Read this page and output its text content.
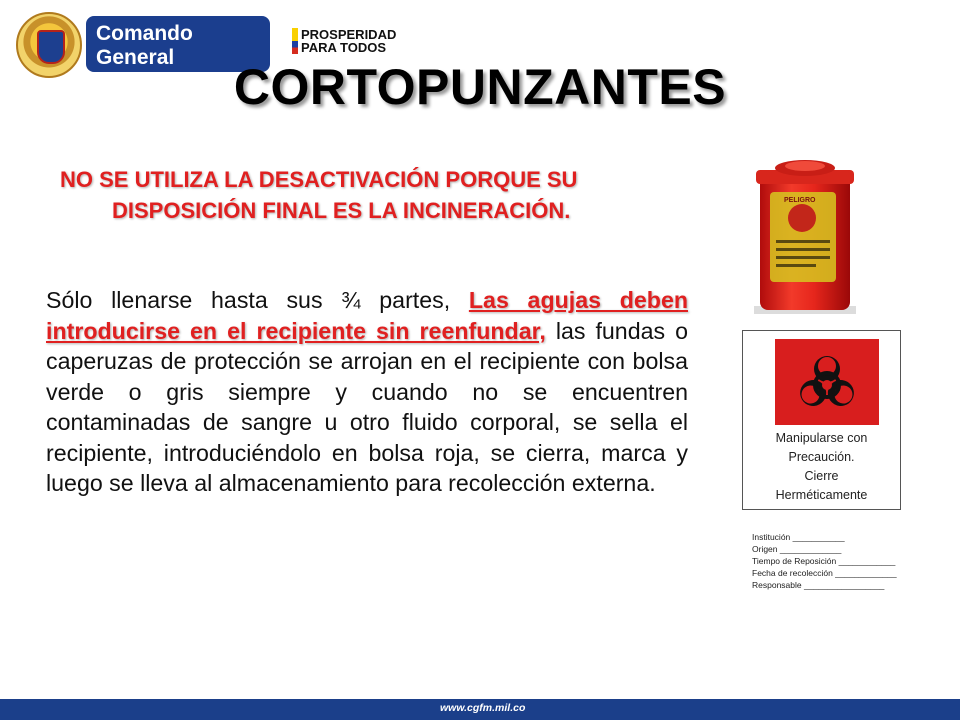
Comando General
Fuerzas Militares de Colombia
PROSPERIDAD
PARA TODOS
CORTOPUNZANTES
NO SE UTILIZA LA DESACTIVACIÓN PORQUE SU
DISPOSICIÓN FINAL ES LA INCINERACIÓN.
Sólo llenarse hasta sus ¾ partes, Las agujas deben introducirse en el recipiente sin reenfundar, las fundas o caperuzas de protección se arrojan en el recipiente con bolsa verde o gris siempre y cuando no se encuentren contaminadas de sangre u otro fluido corporal, se sella el recipiente, introduciéndolo en bolsa roja, se cierra, marca y luego se lleva al almacenamiento para recolección externa.
PELIGRO
Manipularse con
Precaución.
Cierre
Herméticamente
Institución ___________
Origen _____________
Tiempo de Reposición ____________
Fecha de recolección _____________
Responsable _________________
www.cgfm.mil.co
